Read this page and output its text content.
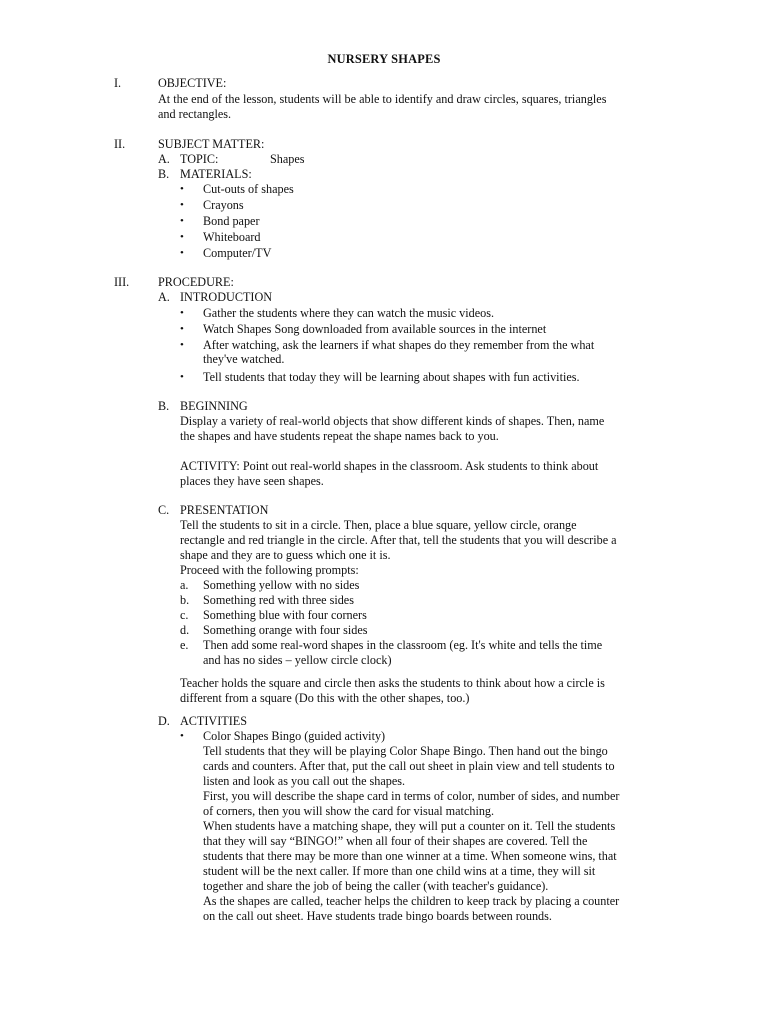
NURSERY SHAPES
I.	OBJECTIVE:
At the end of the lesson, students will be able to identify and draw circles, squares, triangles
and rectangles.
II.	SUBJECT MATTER:
A. TOPIC:	Shapes
B. MATERIALS:
• Cut-outs of shapes
• Crayons
• Bond paper
• Whiteboard
• Computer/TV
III. PROCEDURE:
A. INTRODUCTION
• Gather the students where they can watch the music videos.
• Watch Shapes Song downloaded from available sources in the internet
• After watching, ask the learners if what shapes do they remember from the what
they've watched.
• Tell students that today they will be learning about shapes with fun activities.
B. BEGINNING
Display a variety of real-world objects that show different kinds of shapes. Then, name
the shapes and have students repeat the shape names back to you.
ACTIVITY: Point out real-world shapes in the classroom. Ask students to think about
places they have seen shapes.
C. PRESENTATION
Tell the students to sit in a circle. Then, place a blue square, yellow circle, orange
rectangle and red triangle in the circle. After that, tell the students that you will describe a
shape and they are to guess which one it is.
Proceed with the following prompts:
a. Something yellow with no sides
b. Something red with three sides
c. Something blue with four corners
d. Something orange with four sides
e. Then add some real-word shapes in the classroom (eg. It's white and tells the time
and has no sides – yellow circle clock)
Teacher holds the square and circle then asks the students to think about how a circle is
different from a square (Do this with the other shapes, too.)
D. ACTIVITIES
• Color Shapes Bingo (guided activity)
Tell students that they will be playing Color Shape Bingo. Then hand out the bingo
cards and counters. After that, put the call out sheet in plain view and tell students to
listen and look as you call out the shapes.
First, you will describe the shape card in terms of color, number of sides, and number
of corners, then you will show the card for visual matching.
When students have a matching shape, they will put a counter on it. Tell the students
that they will say “BINGO!” when all four of their shapes are covered. Tell the
students that there may be more than one winner at a time. When someone wins, that
student will be the next caller. If more than one child wins at a time, they will sit
together and share the job of being the caller (with teacher's guidance).
As the shapes are called, teacher helps the children to keep track by placing a counter
on the call out sheet. Have students trade bingo boards between rounds.
